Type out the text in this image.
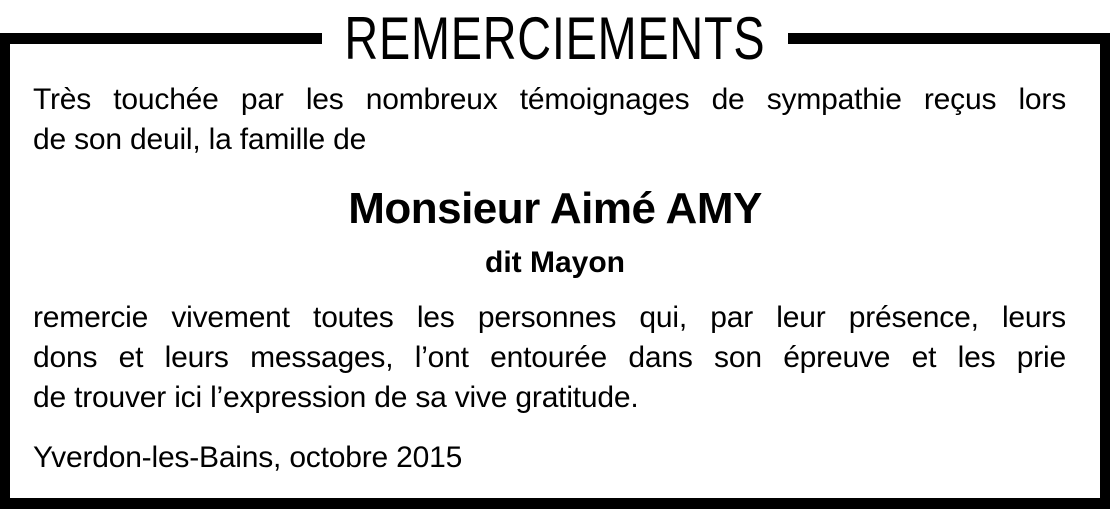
REMERCIEMENTS
Très touchée par les nombreux témoignages de sympathie reçus lors
de son deuil, la famille de
Monsieur Aimé AMY
dit Mayon
remercie vivement toutes les personnes qui, par leur présence, leurs
dons et leurs messages, l’ont entourée dans son épreuve et les prie
de trouver ici l’expression de sa vive gratitude.
Yverdon-les-Bains, octobre 2015
